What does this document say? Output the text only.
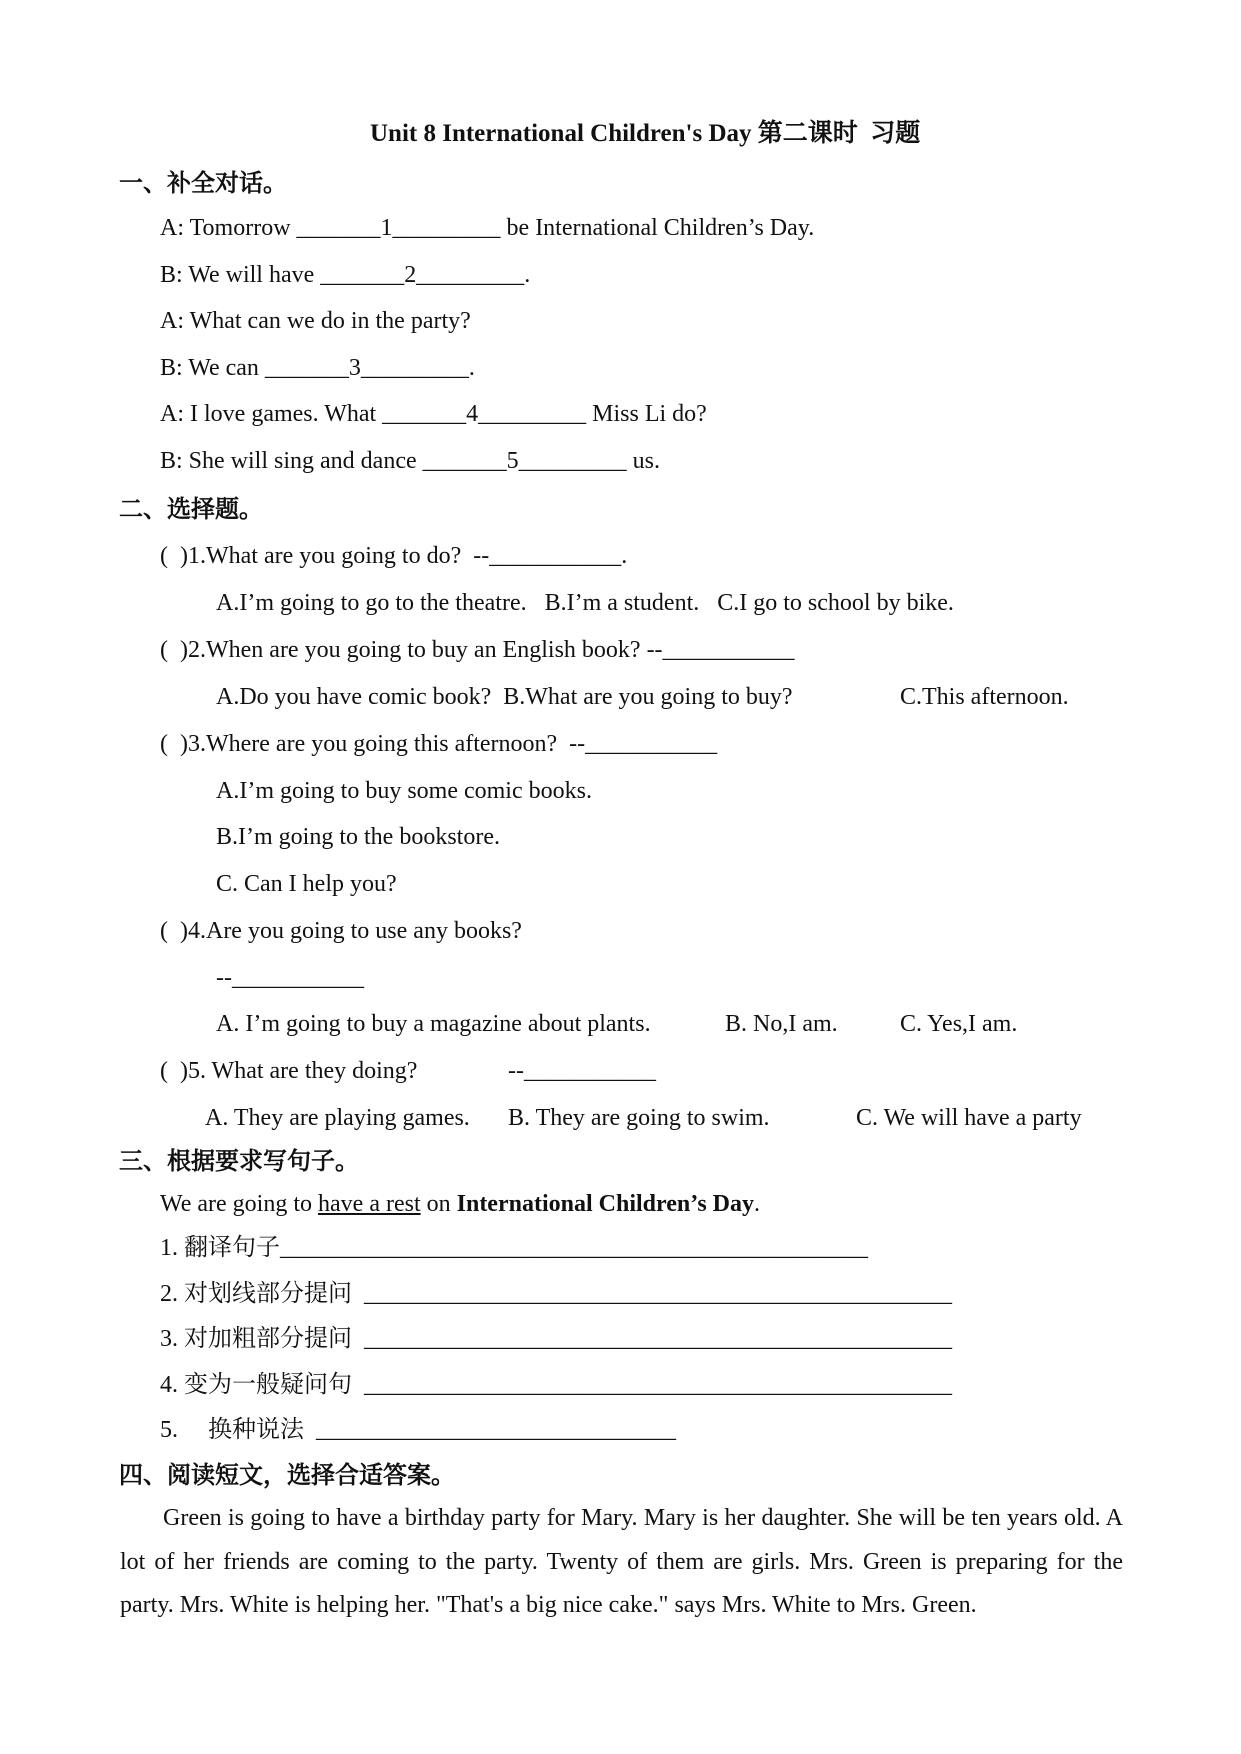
Unit 8 International Children's Day 第二课时  习题
一、补全对话。
A: Tomorrow _______1_________ be International Children’s Day.
B: We will have _______2_________.
A: What can we do in the party?
B: We can _______3_________.
A: I love games. What _______4_________ Miss Li do?
B: She will sing and dance _______5_________ us.
二、选择题。
(  )1.What are you going to do?  --___________.
A.I’m going to go to the theatre.   B.I’m a student.   C.I go to school by bike.
(  )2.When are you going to buy an English book? --___________
A.Do you have comic book?  B.What are you going to buy?	C.This afternoon.
(  )3.Where are you going this afternoon?  --___________
A.I’m going to buy some comic books.
B.I’m going to the bookstore.
C. Can I help you?
(  )4.Are you going to use any books?
--___________
A. I’m going to buy a magazine about plants.	B. No,I am.	C. Yes,I am.
(  )5. What are they doing?	--___________
A. They are playing games. B. They are going to swim.	C. We will have a party
三、根据要求写句子。
We are going to have a rest on International Children’s Day.
1. 翻译句子_________________________________________________
2. 对划线部分提问  _________________________________________________
3. 对加粗部分提问  _________________________________________________
4. 变为一般疑问句  _________________________________________________
5.     换种说法  ______________________________
四、阅读短文，选择合适答案。
Green is going to have a birthday party for Mary. Mary is her daughter. She will be ten years old. A lot of her friends are coming to the party. Twenty of them are girls. Mrs. Green is preparing for the party. Mrs. White is helping her. "That's a big nice cake." says Mrs. White to Mrs. Green.
